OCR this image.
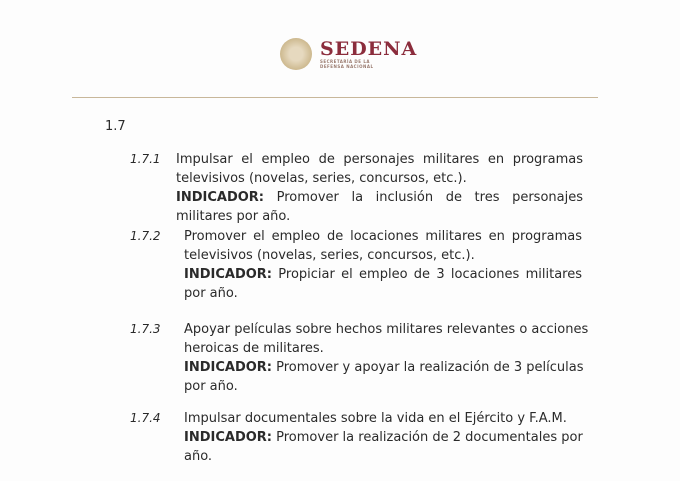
SEDENA
SECRETARÍA DE LA
DEFENSA NACIONAL
1.7
1.7.1 Impulsar el empleo de personajes militares en programas
televisivos (novelas, series, concursos, etc.).
INDICADOR: Promover la inclusión de tres personajes
militares por año.
1.7.2 Promover el empleo de locaciones militares en programas
televisivos (novelas, series, concursos, etc.).
INDICADOR: Propiciar el empleo de 3 locaciones militares
por año.
1.7.3 Apoyar películas sobre hechos militares relevantes o acciones
heroicas de militares.
INDICADOR: Promover y apoyar la realización de 3 películas
por año.
1.7.4 Impulsar documentales sobre la vida en el Ejército y F.A.M.
INDICADOR: Promover la realización de 2 documentales por
año.
